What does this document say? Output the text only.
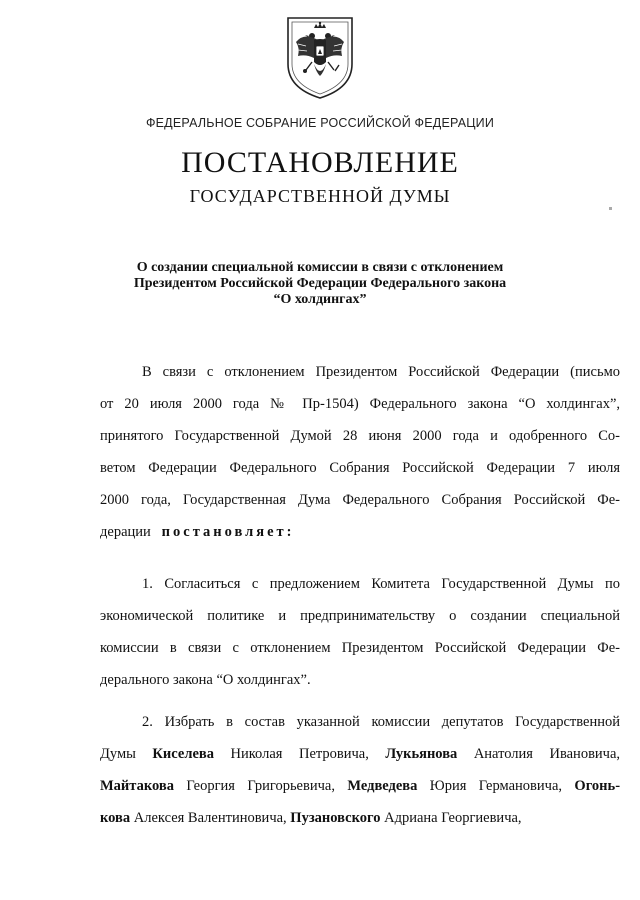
ФЕДЕРАЛЬНОЕ СОБРАНИЕ РОССИЙСКОЙ ФЕДЕРАЦИИ
ПОСТАНОВЛЕНИЕ
ГОСУДАРСТВЕННОЙ ДУМЫ
О создании специальной комиссии в связи с отклонением
Президентом Российской Федерации Федерального закона
“О холдингах”
В связи с отклонением Президентом Российской Федерации (письмо
от 20 июля 2000 года № Пр-1504) Федерального закона “О холдингах”,
принятого Государственной Думой 28 июня 2000 года и одобренного Со-
ветом Федерации Федерального Собрания Российской Федерации 7 июля
2000 года, Государственная Дума Федерального Собрания Российской Фе-
дерации постановляет:
1. Согласиться с предложением Комитета Государственной Думы по
экономической политике и предпринимательству о создании специальной
комиссии в связи с отклонением Президентом Российской Федерации Фе-
дерального закона “О холдингах”.
2. Избрать в состав указанной комиссии депутатов Государственной
Думы Киселева Николая Петровича, Лукьянова Анатолия Ивановича,
Майтакова Георгия Григорьевича, Медведева Юрия Германовича, Огонь-
кова Алексея Валентиновича, Пузановского Адриана Георгиевича,
